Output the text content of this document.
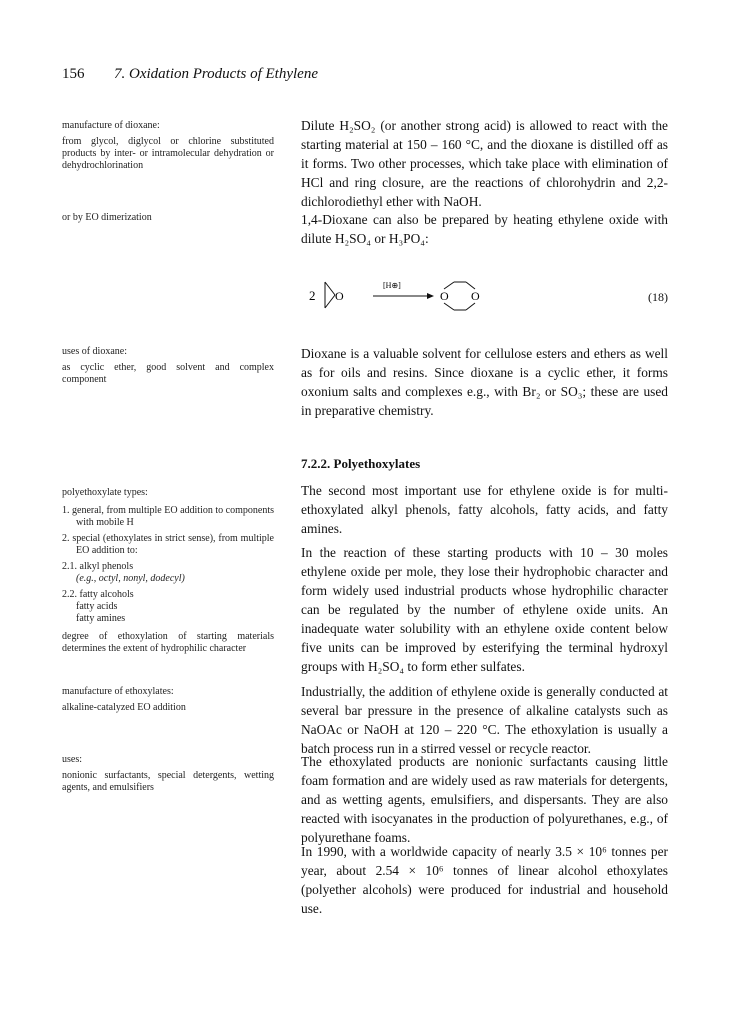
156 7. Oxidation Products of Ethylene
manufacture of dioxane:
from glycol, diglycol or chlorine substituted products by inter- or intramolecular dehydration or dehydrochlorination
or by EO dimerization
uses of dioxane:
as cyclic ether, good solvent and complex component
polyethoxylate types:
1. general, from multiple EO addition to components with mobile H
2. special (ethoxylates in strict sense), from multiple EO addition to:
2.1. alkyl phenols
(e.g., octyl, nonyl, dodecyl)
2.2. fatty alcohols
fatty acids
fatty amines
degree of ethoxylation of starting materials determines the extent of hydrophilic character
manufacture of ethoxylates:
alkaline-catalyzed EO addition
uses:
nonionic surfactants, special detergents, wetting agents, and emulsifiers
Dilute H₂SO₂ (or another strong acid) is allowed to react with the starting material at 150 – 160 °C, and the dioxane is distilled off as it forms. Two other processes, which take place with elimination of HCl and ring closure, are the reactions of chlorohydrin and 2,2-dichlorodiethyl ether with NaOH.
1,4-Dioxane can also be prepared by heating ethylene oxide with dilute H₂SO₄ or H₃PO₄:
2 O
[H⊕]
O O	(18)
Dioxane is a valuable solvent for cellulose esters and ethers as well as for oils and resins. Since dioxane is a cyclic ether, it forms oxonium salts and complexes e.g., with Br₂ or SO₃; these are used in preparative chemistry.
7.2.2. Polyethoxylates
The second most important use for ethylene oxide is for multiethoxylated alkyl phenols, fatty alcohols, fatty acids, and fatty amines.
In the reaction of these starting products with 10 – 30 moles ethylene oxide per mole, they lose their hydrophobic character and form widely used industrial products whose hydrophilic character can be regulated by the number of ethylene oxide units. An inadequate water solubility with an ethylene oxide content below five units can be improved by esterifying the terminal hydroxyl groups with H₂SO₄ to form ether sulfates.
Industrially, the addition of ethylene oxide is generally conducted at several bar pressure in the presence of alkaline catalysts such as NaOAc or NaOH at 120 – 220 °C. The ethoxylation is usually a batch process run in a stirred vessel or recycle reactor.
The ethoxylated products are nonionic surfactants causing little foam formation and are widely used as raw materials for detergents, and as wetting agents, emulsifiers, and dispersants. They are also reacted with isocyanates in the production of polyurethanes, e.g., of polyurethane foams.
In 1990, with a worldwide capacity of nearly 3.5 × 10⁶ tonnes per year, about 2.54 × 10⁶ tonnes of linear alcohol ethoxylates (polyether alcohols) were produced for industrial and household use.
